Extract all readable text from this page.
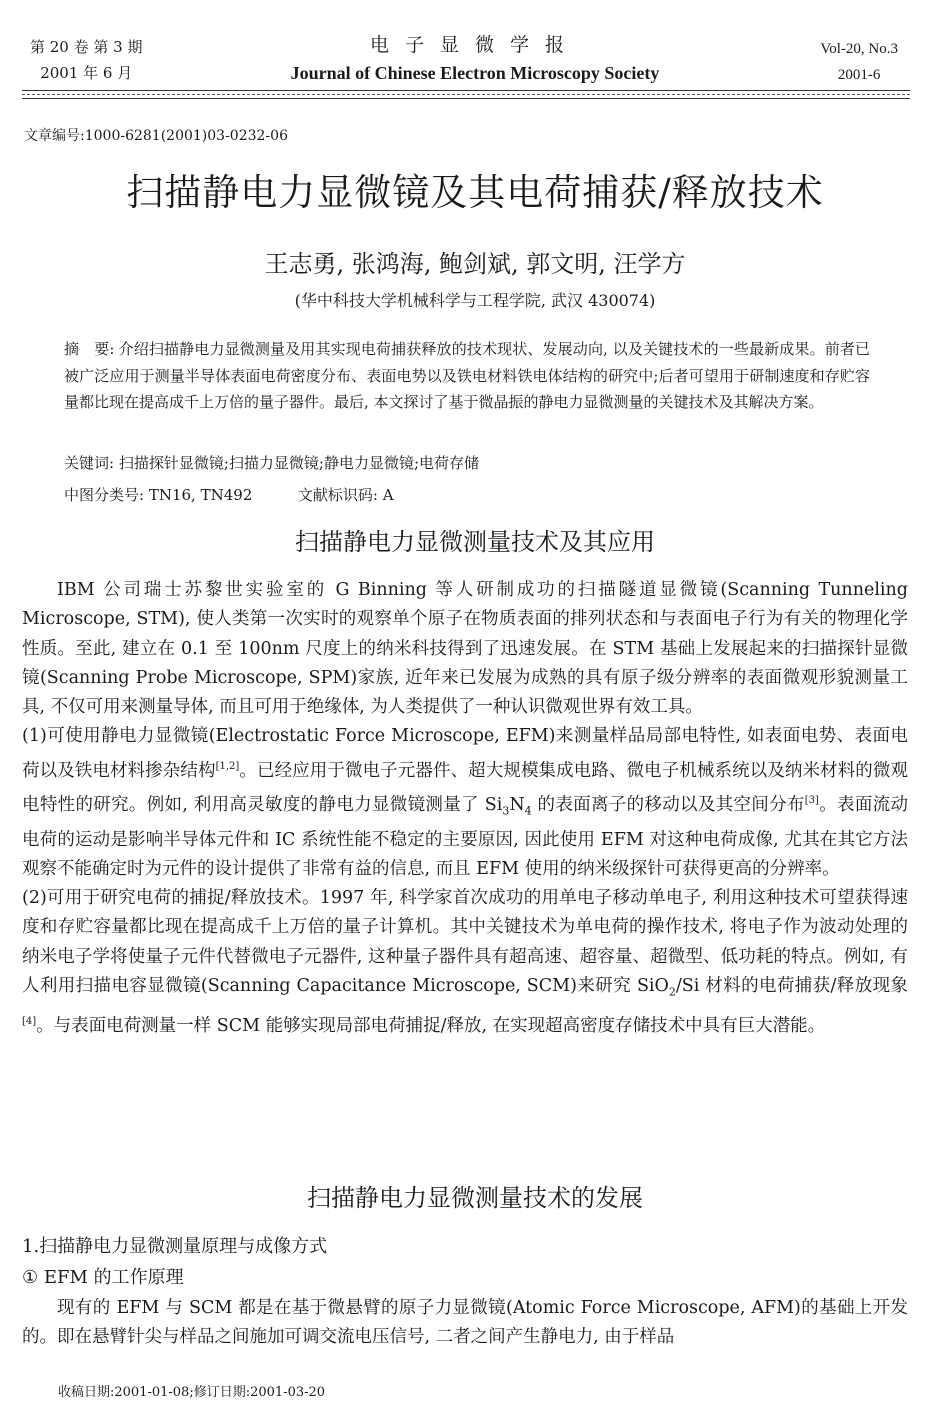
第 20 卷 第 3 期
2001 年 6 月
电子显微学报
Journal of Chinese Electron Microscopy Society
Vol-20, No.3
2001-6
文章编号:1000-6281(2001)03-0232-06
扫描静电力显微镜及其电荷捕获/释放技术
王志勇, 张鸿海, 鲍剑斌, 郭文明, 汪学方
(华中科技大学机械科学与工程学院, 武汉 430074)
摘　要: 介绍扫描静电力显微测量及用其实现电荷捕获释放的技术现状、发展动向, 以及关键技术的一些最新成果。前者已被广泛应用于测量半导体表面电荷密度分布、表面电势以及铁电材料铁电体结构的研究中;后者可望用于研制速度和存贮容量都比现在提高成千上万倍的量子器件。最后, 本文探讨了基于微晶振的静电力显微测量的关键技术及其解决方案。
关键词: 扫描探针显微镜;扫描力显微镜;静电力显微镜;电荷存储
中图分类号: TN16, TN492	文献标识码: A
扫描静电力显微测量技术及其应用

IBM 公司瑞士苏黎世实验室的 G Binning 等人研制成功的扫描隧道显微镜(Scanning Tunneling Microscope, STM), 使人类第一次实时的观察单个原子在物质表面的排列状态和与表面电子行为有关的物理化学性质。至此, 建立在 0.1 至 100nm 尺度上的纳米科技得到了迅速发展。在 STM 基础上发展起来的扫描探针显微镜(Scanning Probe Microscope, SPM)家族, 近年来已发展为成熟的具有原子级分辨率的表面微观形貌测量工具, 不仅可用来测量导体, 而且可用于绝缘体, 为人类提供了一种认识微观世界有效工具。

(1)可使用静电力显微镜(Electrostatic Force Microscope, EFM)来测量样品局部电特性, 如表面电势、表面电荷以及铁电材料掺杂结构[1,2]。已经应用于微电子元器件、超大规模集成电路、微电子机械系统以及纳米材料的微观电特性的研究。例如, 利用高灵敏度的静电力显微镜测量了 $Si_3N_4$ 的表面离子的移动以及其空间分布[3]。表面流动电荷的运动是影响半导体元件和 IC 系统性能不稳定的主要原因, 因此使用 EFM 对这种电荷成像, 尤其在其它方法观察不能确定时为元件的设计提供了非常有益的信息, 而且 EFM 使用的纳米级探针可获得更高的分辨率。

(2)可用于研究电荷的捕捉/释放技术。1997 年, 科学家首次成功的用单电子移动单电子, 利用这种技术可望获得速度和存贮容量都比现在提高成千上万倍的量子计算机。其中关键技术为单电荷的操作技术, 将电子作为波动处理的纳米电子学将使量子元件代替微电子元器件, 这种量子器件具有超高速、超容量、超微型、低功耗的特点。例如, 有人利用扫描电容显微镜(Scanning Capacitance Microscope, SCM)来研究 SiO$_2$/Si 材料的电荷捕获/释放现象[4]。与表面电荷测量一样 SCM 能够实现局部电荷捕捉/释放, 在实现超高密度存储技术中具有巨大潜能。

扫描静电力显微测量技术的发展
1.扫描静电力显微测量原理与成像方式
① EFM 的工作原理

现有的 EFM 与 SCM 都是在基于微悬臂的原子力显微镜(Atomic Force Microscope, AFM)的基础上开发的。即在悬臂针尖与样品之间施加可调交流电压信号, 二者之间产生静电力, 由于样品

收稿日期:2001-01-08;修订日期:2001-03-20
